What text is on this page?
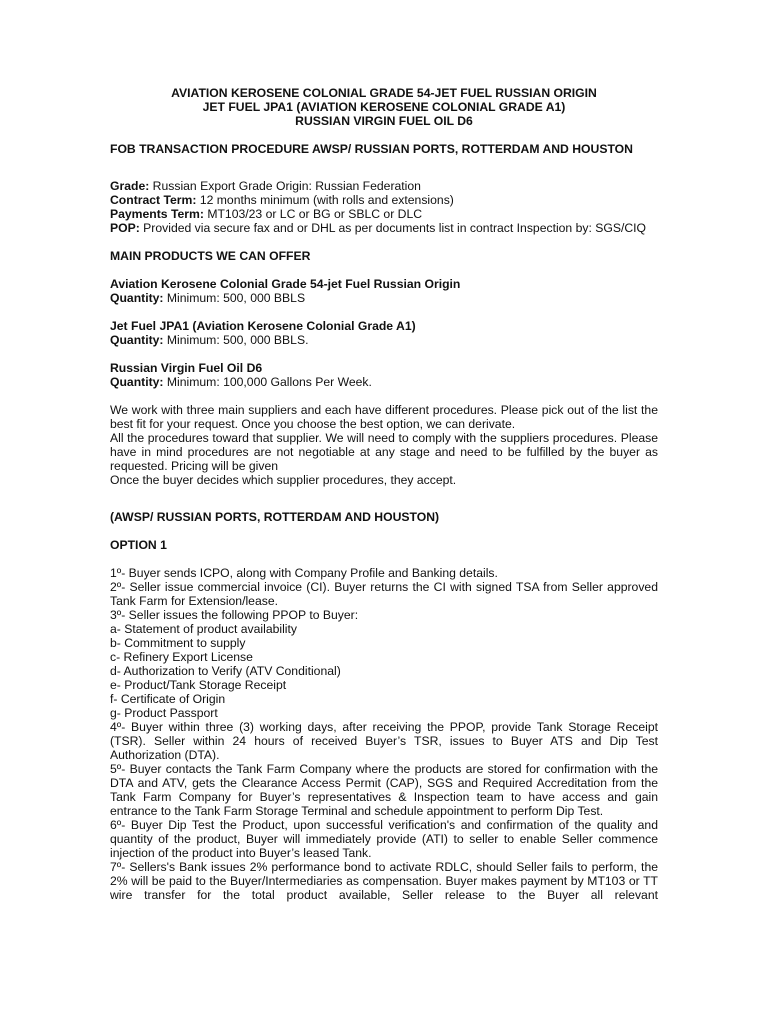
AVIATION KEROSENE COLONIAL GRADE 54-JET FUEL RUSSIAN ORIGIN

JET FUEL JPA1 (AVIATION KEROSENE COLONIAL GRADE A1)

RUSSIAN VIRGIN FUEL OIL D6

FOB TRANSACTION PROCEDURE AWSP/ RUSSIAN PORTS, ROTTERDAM AND HOUSTON

Grade: Russian Export Grade Origin: Russian Federation

Contract Term: 12 months minimum (with rolls and extensions)

Payments Term: MT103/23 or LC or BG or SBLC or DLC

POP: Provided via secure fax and or DHL as per documents list in contract Inspection by: SGS/CIQ

MAIN PRODUCTS WE CAN OFFER

Aviation Kerosene Colonial Grade 54-jet Fuel Russian Origin

Quantity: Minimum: 500, 000 BBLS

Jet Fuel JPA1 (Aviation Kerosene Colonial Grade A1)

Quantity: Minimum: 500, 000 BBLS.

Russian Virgin Fuel Oil D6

Quantity: Minimum: 100,000 Gallons Per Week.

We work with three main suppliers and each have different procedures. Please pick out of the list the best fit for your request. Once you choose the best option, we can derivate.

All the procedures toward that supplier. We will need to comply with the suppliers procedures. Please have in mind procedures are not negotiable at any stage and need to be fulfilled by the buyer as requested. Pricing will be given

Once the buyer decides which supplier procedures, they accept.

(AWSP/ RUSSIAN PORTS, ROTTERDAM AND HOUSTON)

OPTION 1

1º- Buyer sends ICPO, along with Company Profile and Banking details.

2º- Seller issue commercial invoice (CI). Buyer returns the CI with signed TSA from Seller approved Tank Farm for Extension/lease.

3º- Seller issues the following PPOP to Buyer:

a- Statement of product availability

b- Commitment to supply

c- Refinery Export License

d- Authorization to Verify (ATV Conditional)

e- Product/Tank Storage Receipt

f- Certificate of Origin

g- Product Passport

4º- Buyer within three (3) working days, after receiving the PPOP, provide Tank Storage Receipt (TSR). Seller within 24 hours of received Buyer’s TSR, issues to Buyer ATS and Dip Test Authorization (DTA).

5º- Buyer contacts the Tank Farm Company where the products are stored for confirmation with the DTA and ATV, gets the Clearance Access Permit (CAP), SGS and Required Accreditation from the Tank Farm Company for Buyer’s representatives & Inspection team to have access and gain entrance to the Tank Farm Storage Terminal and schedule appointment to perform Dip Test.

6º- Buyer Dip Test the Product, upon successful verification's and confirmation of the quality and quantity of the product, Buyer will immediately provide (ATI) to seller to enable Seller commence injection of the product into Buyer’s leased Tank.

7º- Sellers's Bank issues 2% performance bond to activate RDLC, should Seller fails to perform, the 2% will be paid to the Buyer/Intermediaries as compensation. Buyer makes payment by MT103 or TT wire transfer for the total product available, Seller release to the Buyer all relevant
